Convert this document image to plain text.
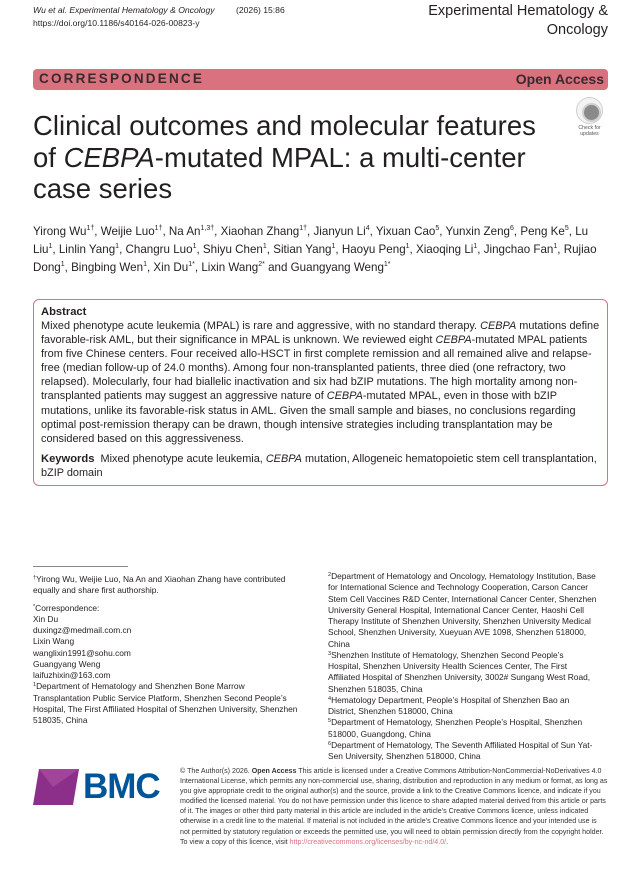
Wu et al. Experimental Hematology & Oncology (2026) 15:86
https://doi.org/10.1186/s40164-026-00823-y
Experimental Hematology &
Oncology
CORRESPONDENCE	Open Access
Check for
updates
Clinical outcomes and molecular features of CEBPA-mutated MPAL: a multi-center case series
Yirong $Wu^{1\dagger}$, Weijie Luo$^{1\dagger}$, Na $An^{1,3\dagger}$, Xiaohan Zhang$^{1\dagger}$, Jianyun Li$^4$, Yixuan Cao$^5$, Yunxin Zeng$^6$, Peng Ke$^5$, Lu Liu$^1$, Linlin Yang$^1$, Changru Luo$^1$, Shiyu Chen$^1$, Sitian Yang$^1$, Haoyu Peng$^1$, Xiaoqing Li$^1$, Jingchao Fan$^1$, Rujiao Dong$^1$, Bingbing Wen$^1$, Xin $Du^{1*}$, Lixin Wang$^{2*}$ and Guangyang Weng$^{1*}$
Abstract
Mixed phenotype acute leukemia (MPAL) is rare and aggressive, with no standard therapy. CEBPA mutations define favorable-risk AML, but their significance in MPAL is unknown. We reviewed eight CEBPA-mutated MPAL patients from five Chinese centers. Four received allo-HSCT in first complete remission and all remained alive and relapse-free (median follow-up of 24.0 months). Among four non-transplanted patients, three died (one refractory, two relapsed). Molecularly, four had biallelic inactivation and six had bZIP mutations. The high mortality among non-transplanted patients may suggest an aggressive nature of CEBPA-mutated MPAL, even in those with bZIP mutations, unlike its favorable-risk status in AML. Given the small sample and biases, no conclusions regarding optimal post-remission therapy can be drawn, though intensive strategies including transplantation may be considered based on this aggressiveness.
Keywords Mixed phenotype acute leukemia, CEBPA mutation, Allogeneic hematopoietic stem cell transplantation, bZIP domain
†Yirong Wu, Weijie Luo, Na An and Xiaohan Zhang have contributed equally and share first authorship.
*Correspondence:
Xin Du
duxingz@medmail.com.cn
Lixin Wang
wanglixin1991@sohu.com
Guangyang Weng
laifuzhixin@163.com
$^1$Department of Hematology and Shenzhen Bone Marrow Transplantation Public Service Platform, Shenzhen Second People’s Hospital, The First Affiliated Hospital of Shenzhen University, Shenzhen 518035, China
$^2$Department of Hematology and Oncology, Hematology Institution, Base for International Science and Technology Cooperation, Carson Cancer Stem Cell Vaccines R&D Center, International Cancer Center, Shenzhen University General Hospital, International Cancer Center, Haoshi Cell Therapy Institute of Shenzhen University, Shenzhen University Medical School, Shenzhen University, Xueyuan AVE 1098, Shenzhen 518000, China
$^3$Shenzhen Institute of Hematology, Shenzhen Second People’s Hospital, Shenzhen University Health Sciences Center, The First Affiliated Hospital of Shenzhen University, 3002# Sungang West Road, Shenzhen 518035, China
$^4$Hematology Department, People’s Hospital of Shenzhen Bao an District, Shenzhen 518000, China
$^5$Department of Hematology, Shenzhen People’s Hospital, Shenzhen 518000, Guangdong, China
$^6$Department of Hematology, The Seventh Affiliated Hospital of Sun Yat-Sen University, Shenzhen 518000, China
BMC	© The Author(s) 2026. Open Access This article is licensed under a Creative Commons Attribution-NonCommercial-NoDerivatives 4.0 International License, which permits any non-commercial use, sharing, distribution and reproduction in any medium or format, as long as you give appropriate credit to the original author(s) and the source, provide a link to the Creative Commons licence, and indicate if you modified the licensed material. You do not have permission under this licence to share adapted material derived from this article or parts of it. The images or other third party material in this article are included in the article’s Creative Commons licence, unless indicated otherwise in a credit line to the material. If material is not included in the article’s Creative Commons licence and your intended use is not permitted by statutory regulation or exceeds the permitted use, you will need to obtain permission directly from the copyright holder. To view a copy of this licence, visit http://creativecommons.org/licenses/by-nc-nd/4.0/.
